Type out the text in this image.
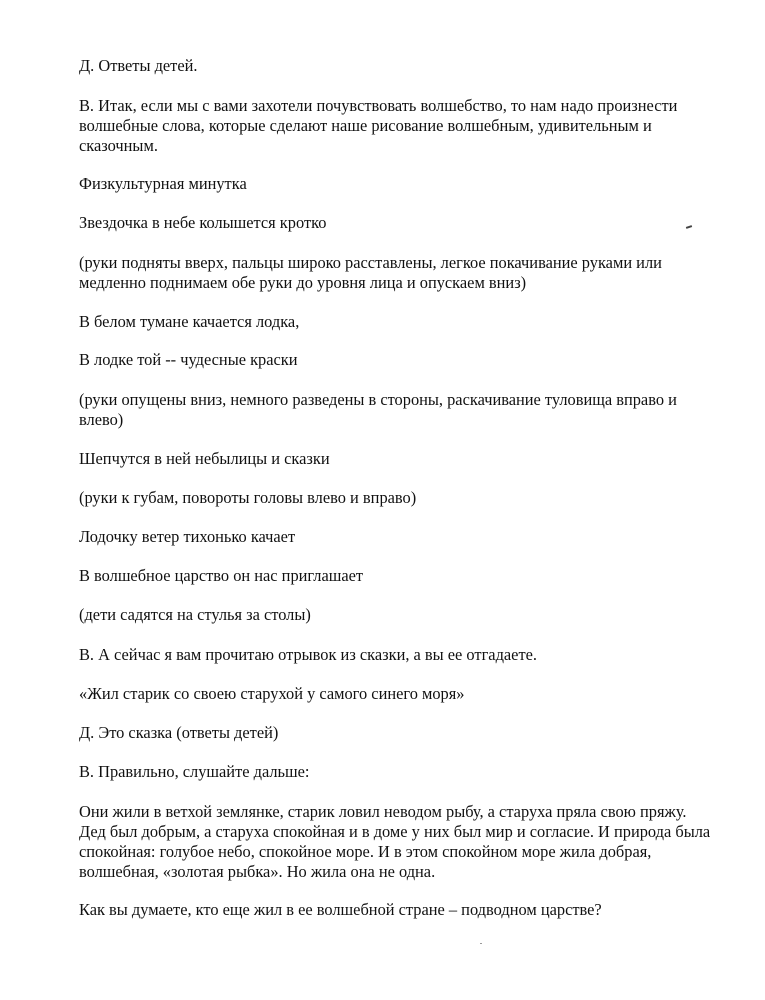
Д. Ответы детей.

В. Итак, если мы с вами захотели почувствовать волшебство, то нам надо произнести
волшебные слова, которые сделают наше рисование волшебным, удивительным и
сказочным.

Физкультурная минутка

Звездочка в небе колышется кротко

(руки подняты вверх, пальцы широко расставлены, легкое покачивание руками или
медленно поднимаем обе руки до уровня лица и опускаем вниз)

В белом тумане качается лодка,

В лодке той -- чудесные краски

(руки опущены вниз, немного разведены в стороны, раскачивание туловища вправо и
влево)

Шепчутся в ней небылицы и сказки

(руки к губам, повороты головы влево и вправо)

Лодочку ветер тихонько качает

В волшебное царство он нас приглашает

(дети садятся на стулья за столы)

В. А сейчас я вам прочитаю отрывок из сказки, а вы ее отгадаете.

«Жил старик со своею старухой у самого синего моря»

Д. Это сказка (ответы детей)

В. Правильно, слушайте дальше:

Они жили в ветхой землянке, старик ловил неводом рыбу, а старуха пряла свою пряжу.
Дед был добрым, а старуха спокойная и в доме у них был мир и согласие. И природа была
спокойная: голубое небо, спокойное море. И в этом спокойном море жила добрая,
волшебная, «золотая рыбка». Но жила она не одна.

Как вы думаете, кто еще жил в ее волшебной стране – подводном царстве?
